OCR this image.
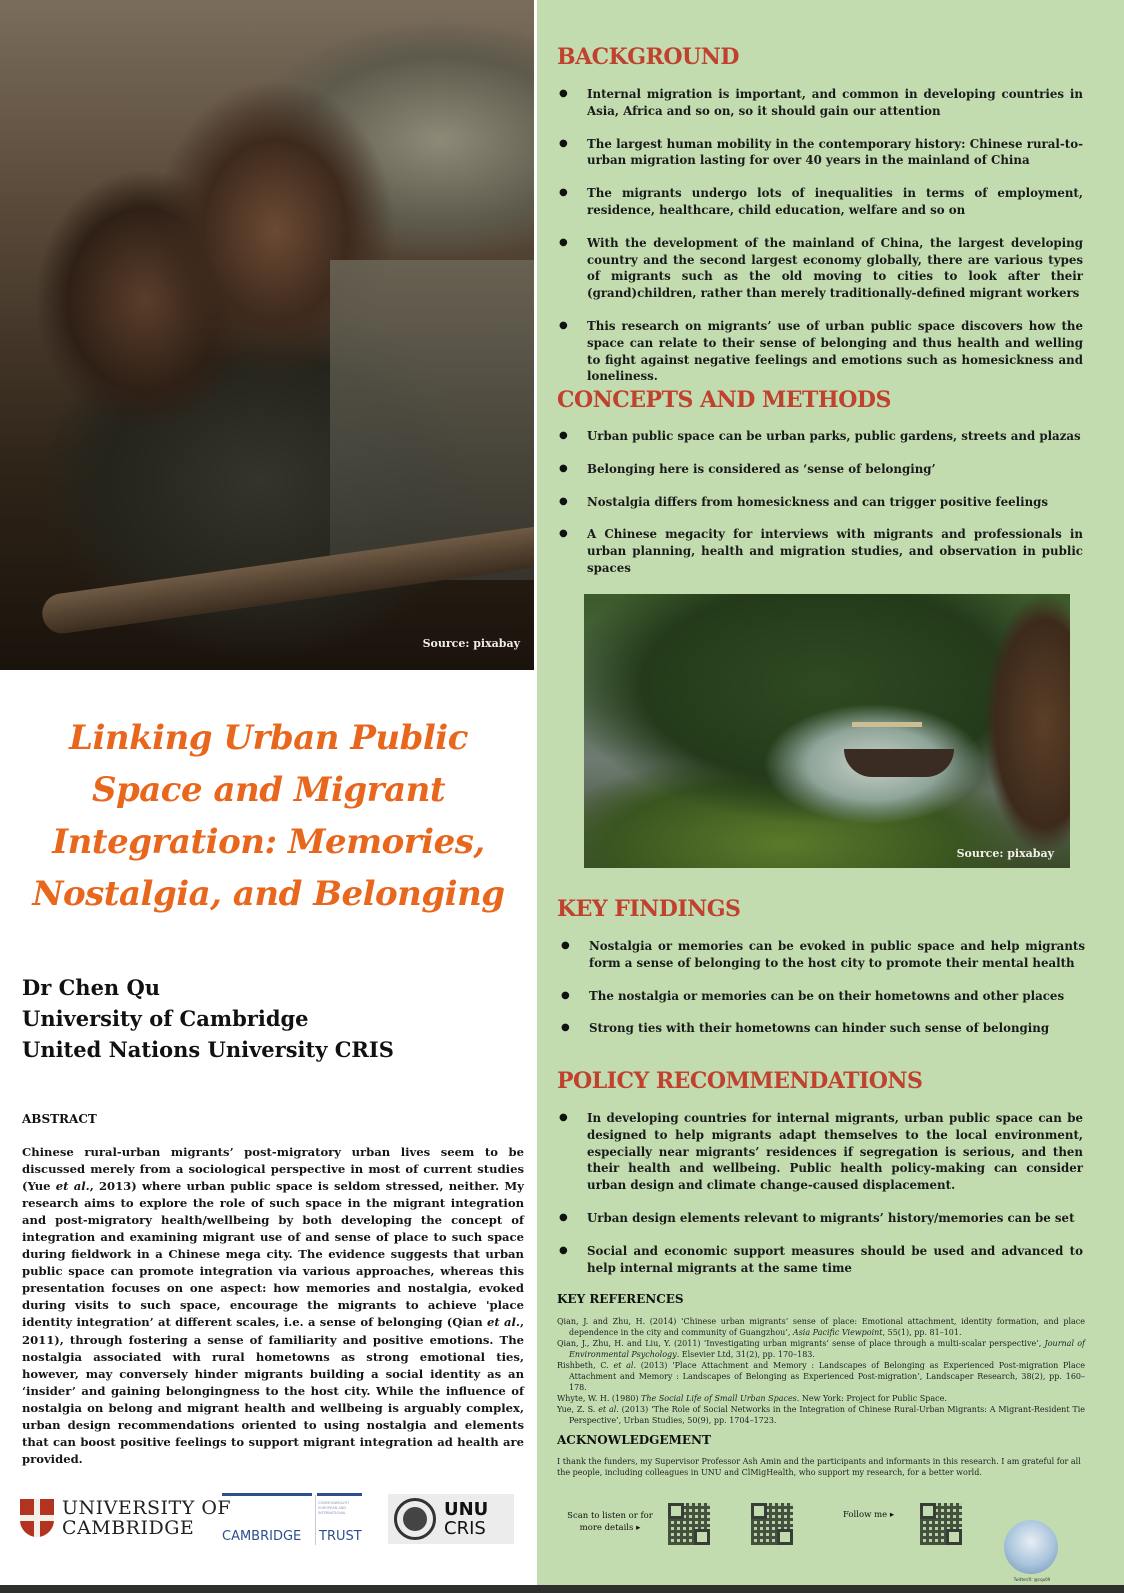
Source: pixabay
Linking Urban Public
Space and Migrant
Integration: Memories,
Nostalgia, and Belonging
Dr Chen Qu
University of Cambridge
United Nations University CRIS
ABSTRACT
Chinese rural-urban migrants’ post-migratory urban lives seem to be discussed merely from a sociological perspective in most of current studies (Yue et al., 2013) where urban public space is seldom stressed, neither. My research aims to explore the role of such space in the migrant integration and post-migratory health/wellbeing by both developing the concept of integration and examining migrant use of and sense of place to such space during fieldwork in a Chinese mega city. The evidence suggests that urban public space can promote integration via various approaches, whereas this presentation focuses on one aspect: how memories and nostalgia, evoked during visits to such space, encourage the migrants to achieve 'place identity integration’ at different scales, i.e. a sense of belonging (Qian et al., 2011), through fostering a sense of familiarity and positive emotions. The nostalgia associated with rural hometowns as strong emotional ties, however, may conversely hinder migrants building a social identity as an ‘insider’ and gaining belongingness to the host city. While the influence of nostalgia on belong and migrant health and wellbeing is arguably complex, urban design recommendations oriented to using nostalgia and elements that can boost positive feelings to support migrant integration ad health are provided.
UNIVERSITY OF
CAMBRIDGE
COMMONWEALTH EUROPEAN AND INTERNATIONAL
CAMBRIDGE TRUST
UNU
CRIS
BACKGROUND
● Internal migration is important, and common in developing countries in Asia, Africa and so on, so it should gain our attention
● The largest human mobility in the contemporary history: Chinese rural-to-urban migration lasting for over 40 years in the mainland of China
● The migrants undergo lots of inequalities in terms of employment, residence, healthcare, child education, welfare and so on
● With the development of the mainland of China, the largest developing country and the second largest economy globally, there are various types of migrants such as the old moving to cities to look after their (grand)children, rather than merely traditionally-defined migrant workers
● This research on migrants’ use of urban public space discovers how the space can relate to their sense of belonging and thus health and welling to fight against negative feelings and emotions such as homesickness and loneliness.
CONCEPTS AND METHODS
● Urban public space can be urban parks, public gardens, streets and plazas
● Belonging here is considered as ‘sense of belonging’
● Nostalgia differs from homesickness and can trigger positive feelings
● A Chinese megacity for interviews with migrants and professionals in urban planning, health and migration studies, and observation in public spaces
Source: pixabay
KEY FINDINGS
● Nostalgia or memories can be evoked in public space and help migrants form a sense of belonging to the host city to promote their mental health
● The nostalgia or memories can be on their hometowns and other places
● Strong ties with their hometowns can hinder such sense of belonging
POLICY RECOMMENDATIONS
● In developing countries for internal migrants, urban public space can be designed to help migrants adapt themselves to the local environment, especially near migrants’ residences if segregation is serious, and then their health and wellbeing. Public health policy-making can consider urban design and climate change-caused displacement.
● Urban design elements relevant to migrants’ history/memories can be set
● Social and economic support measures should be used and advanced to help internal migrants at the same time
KEY REFERENCES

Qian, J. and Zhu, H. (2014) ‘Chinese urban migrants’ sense of place: Emotional attachment, identity formation, and place dependence in the city and community of Guangzhou’, Asia Pacific Viewpoint, 55(1), pp. 81–101.

Qian, J., Zhu, H. and Liu, Y. (2011) ‘Investigating urban migrants’ sense of place through a multi-scalar perspective’, Journal of Environmental Psychology. Elsevier Ltd, 31(2), pp. 170–183.

Rishbeth, C. et al. (2013) ‘Place Attachment and Memory : Landscapes of Belonging as Experienced Post-migration Place Attachment and Memory : Landscapes of Belonging as Experienced Post-migration’, Landscaper Research, 38(2), pp. 160–178.

Whyte, W. H. (1980) The Social Life of Small Urban Spaces. New York: Project for Public Space.

Yue, Z. S. et al. (2013) ‘The Role of Social Networks in the Integration of Chinese Rural-Urban Migrants: A Migrant-Resident Tie Perspective’, Urban Studies, 50(9), pp. 1704–1723.

ACKNOWLEDGEMENT
I thank the funders, my Supervisor Professor Ash Amin and the participants and informants in this research. I am grateful for all the people, including colleagues in UNU and ClMigHealth, who support my research, for a better world.
Scan to listen or for more details ▸
Follow me ▸
Twitter/X: @cqu09
